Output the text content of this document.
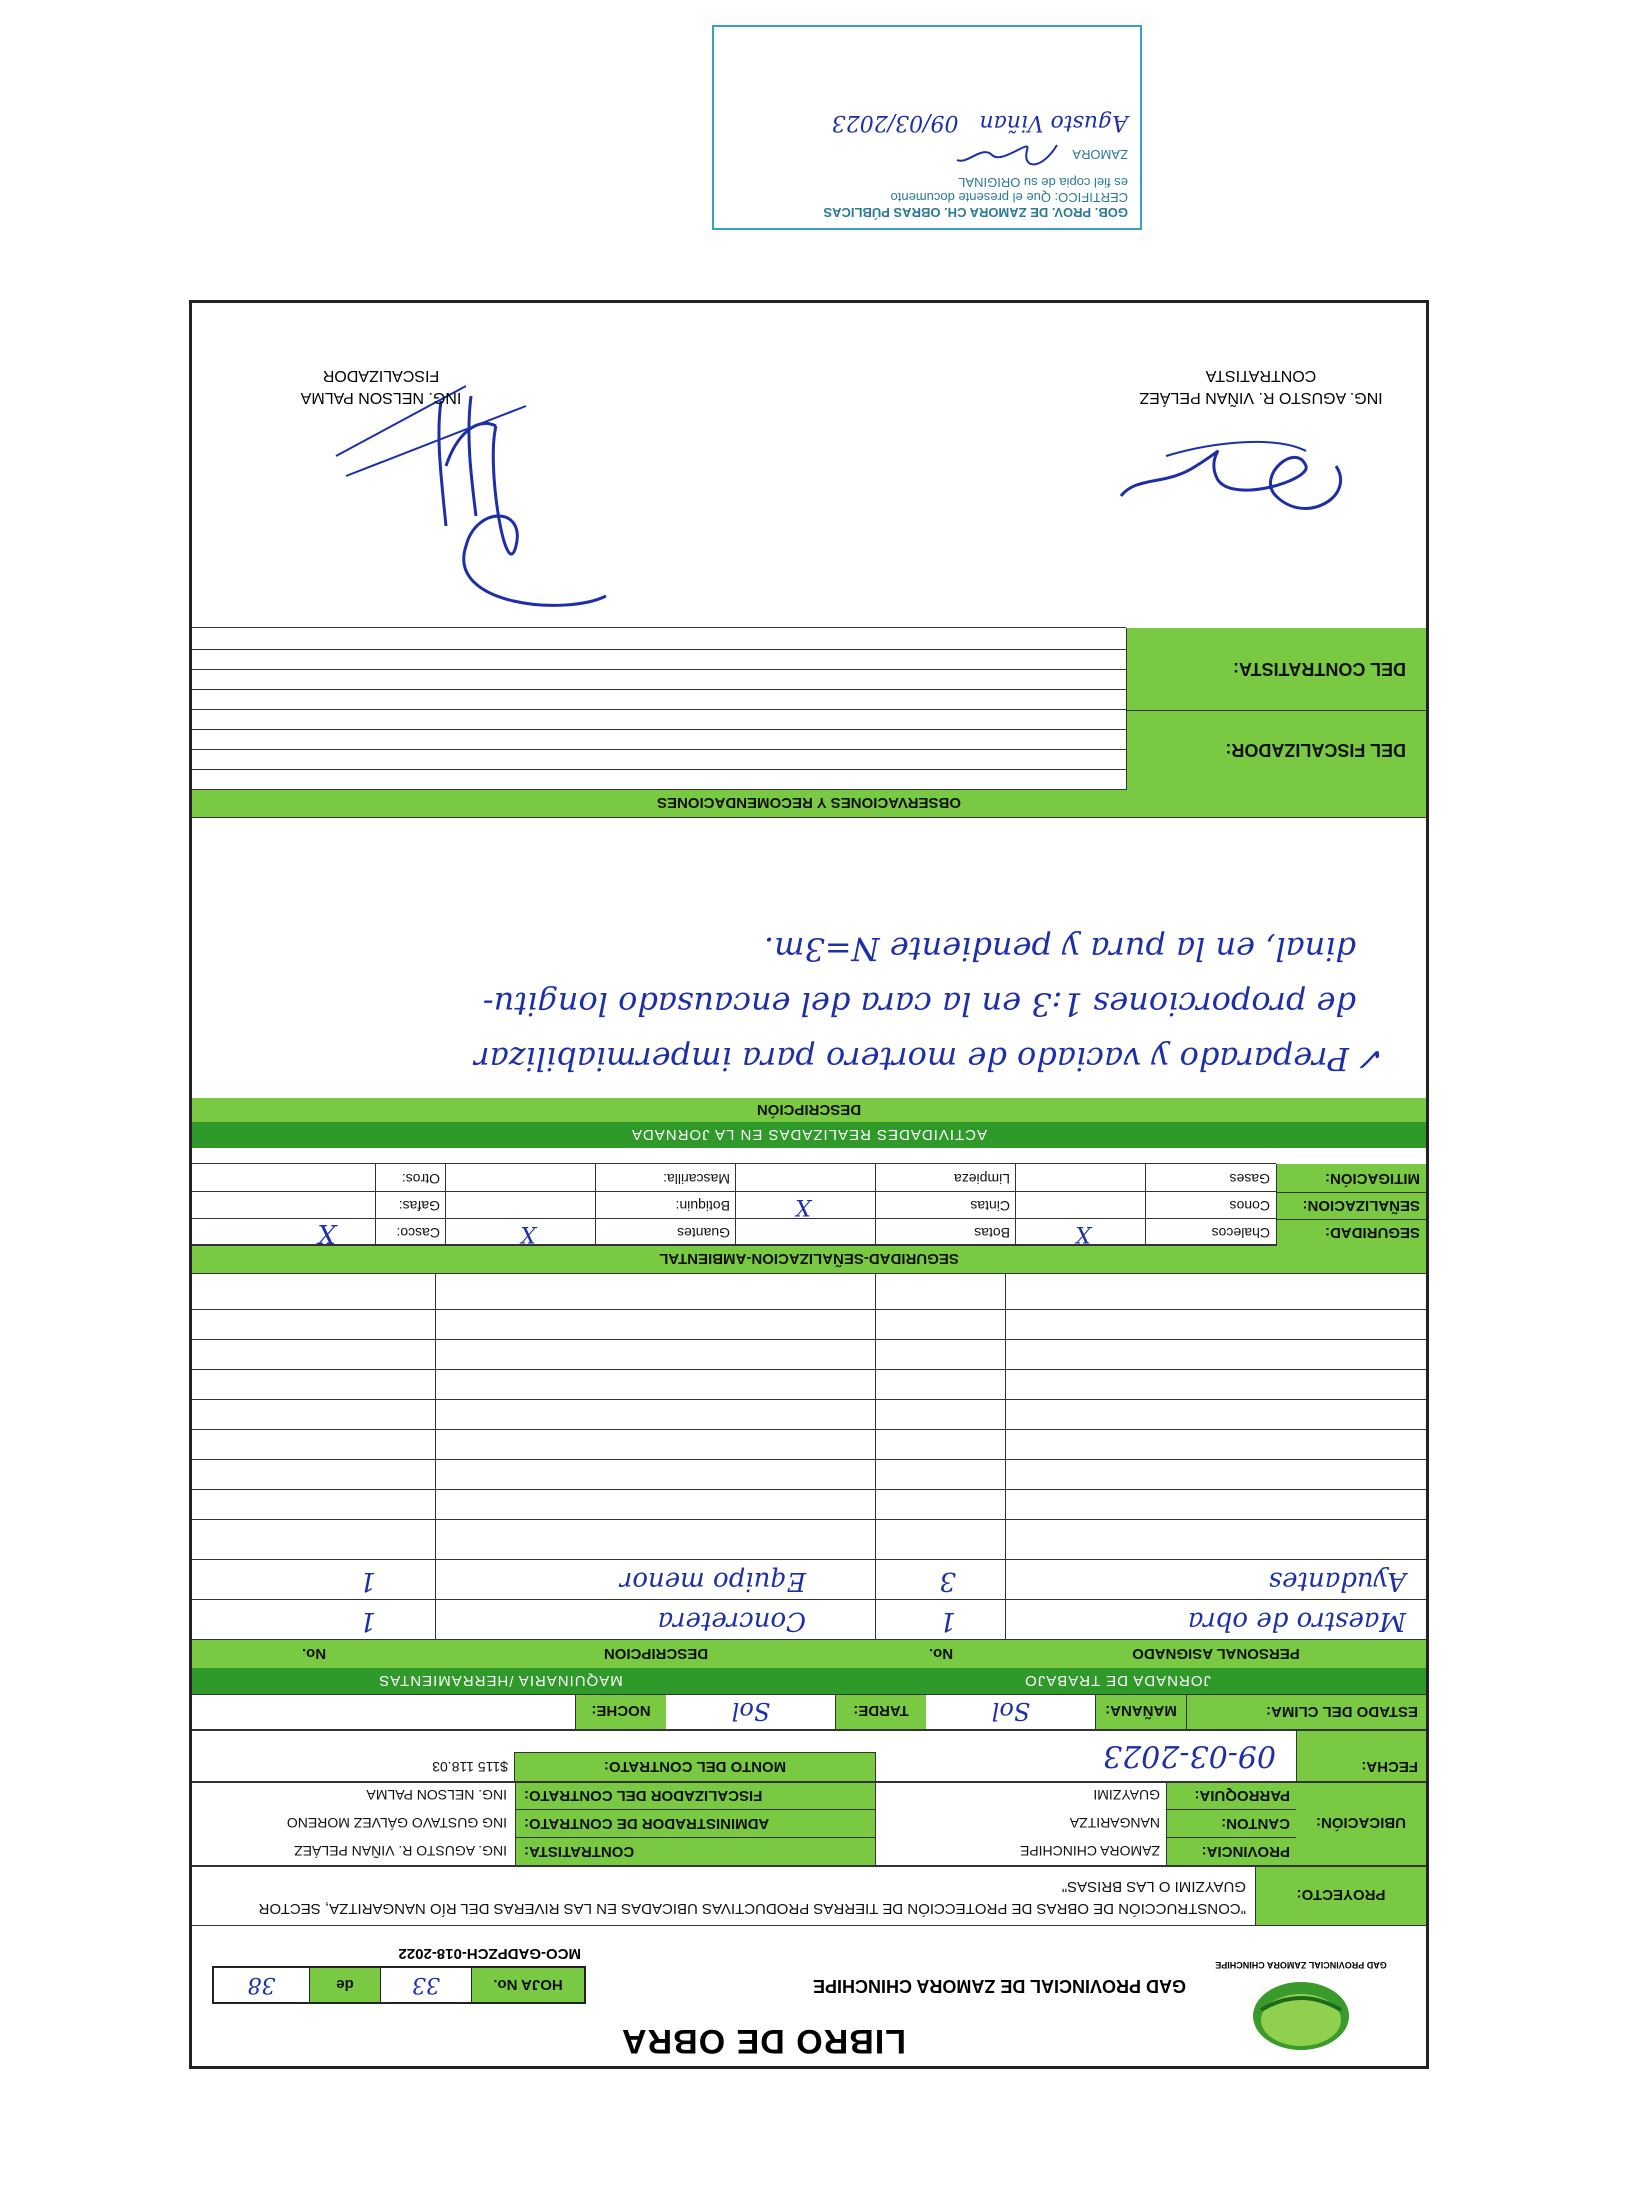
GOB. PROV. DE ZAMORA CH. OBRAS PÚBLICAS
CERTIFICO: Que el presente documento
es fiel copia de su ORIGINAL
ZAMORA
Agusto Viñan 09/03/2023
GAD PROVINCIAL ZAMORA CHINCHIPE
LIBRO DE OBRA
GAD PROVINCIAL DE ZAMORA CHINCHIPE
HOJA No.
33
de
38
MCO-GADPZCH-018-2022
PROYECTO:
"CONSTRUCCIÓN DE OBRAS DE PROTECCIÓN DE TIERRAS PRODUCTIVAS UBICADAS EN LAS RIVERAS DEL RÍO NANGARITZA, SECTOR GUAYZIMI O LAS BRISAS"
UBICACIÓN:
PROVINCIA:
ZAMORA CHINCHIPE
CANTON:
NANGARITZA
PARROQUIA:
GUAYZIMI
CONTRATISTA:
ING. AGUSTO R. VIÑAN PELÁEZ
ADMINISTRADOR DE CONTRATO:
ING GUSTAVO GÁLVEZ MORENO
FISCALIZADOR DEL CONTRATO:
ING. NELSON PALMA
FECHA:
09-03-2023
MONTO DEL CONTRATO:
$115 118.03
ESTADO DEL CLIMA:
MAÑANA:
Sol
TARDE:
Sol
NOCHE:
JORNADA DE TRABAJO
MAQUINARIA /HERRAMIENTAS
PERSONAL ASIGNADO
No.
DESCRIPCION
No.
Maestro de obra
1
Concretera
1
Ayudantes
3
Equipo menor
1
SEGURIDAD-SEÑALIZACION-AMBIENTAL
SEGURIDAD:
SEÑALIZACION:
MITIGACIÓN:
Chalecos
X
Botas
Guantes
X
Casco:
X
Conos
Cintas
X
Botiquin:
Gafas:
Gases
Limpieza
Mascarilla:
Otros:
ACTIVIDADES REALIZADAS EN LA JORNADA
DESCRIPCIÓN
✓ Preparado y vaciado de mortero para impermiabilizar
de proporciones 1:3 en la cara del encausado longitu-
dinal, en la pura y pendiente N=3m.
OBSERVACIONES Y RECOMENDACIONES
DEL FISCALIZADOR:
DEL CONTRATISTA:
ING. AGUSTO R. VIÑAN PELÁEZ
CONTRATISTA
ING. NELSON PALMA
FISCALIZADOR
